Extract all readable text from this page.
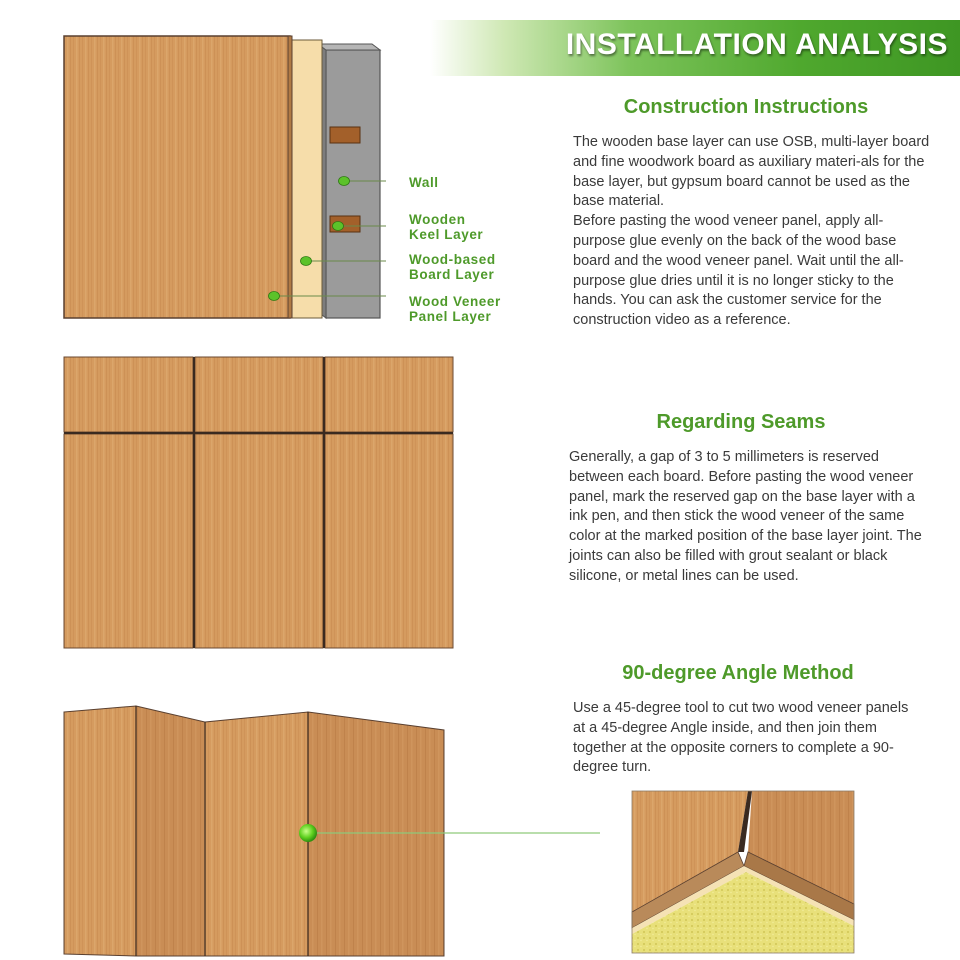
INSTALLATION ANALYSIS
Wall
Wooden
Keel Layer
Wood-based
Board Layer
Wood Veneer
Panel Layer
Construction Instructions

The wooden base layer can use OSB, multi-layer board and fine woodwork board as auxiliary materi-als for the base layer, but gypsum board cannot be used as the base material.

Before pasting the wood veneer panel, apply all-purpose glue evenly on the back of the wood base board and the wood veneer panel. Wait until the all-purpose glue dries until it is no longer sticky to the hands. You can ask the customer service for the construction video as a reference.

Regarding Seams

Generally, a gap of 3 to 5 millimeters is reserved between each board. Before pasting the wood veneer panel, mark the reserved gap on the base layer with a ink pen, and then stick the wood veneer of the same color at the marked position of the base layer joint. The joints can also be filled with grout sealant or black silicone, or metal lines can be used.

90-degree Angle Method

Use a 45-degree tool to cut two wood veneer panels at a 45-degree Angle inside, and then join them together at the opposite corners to complete a 90-degree turn.
